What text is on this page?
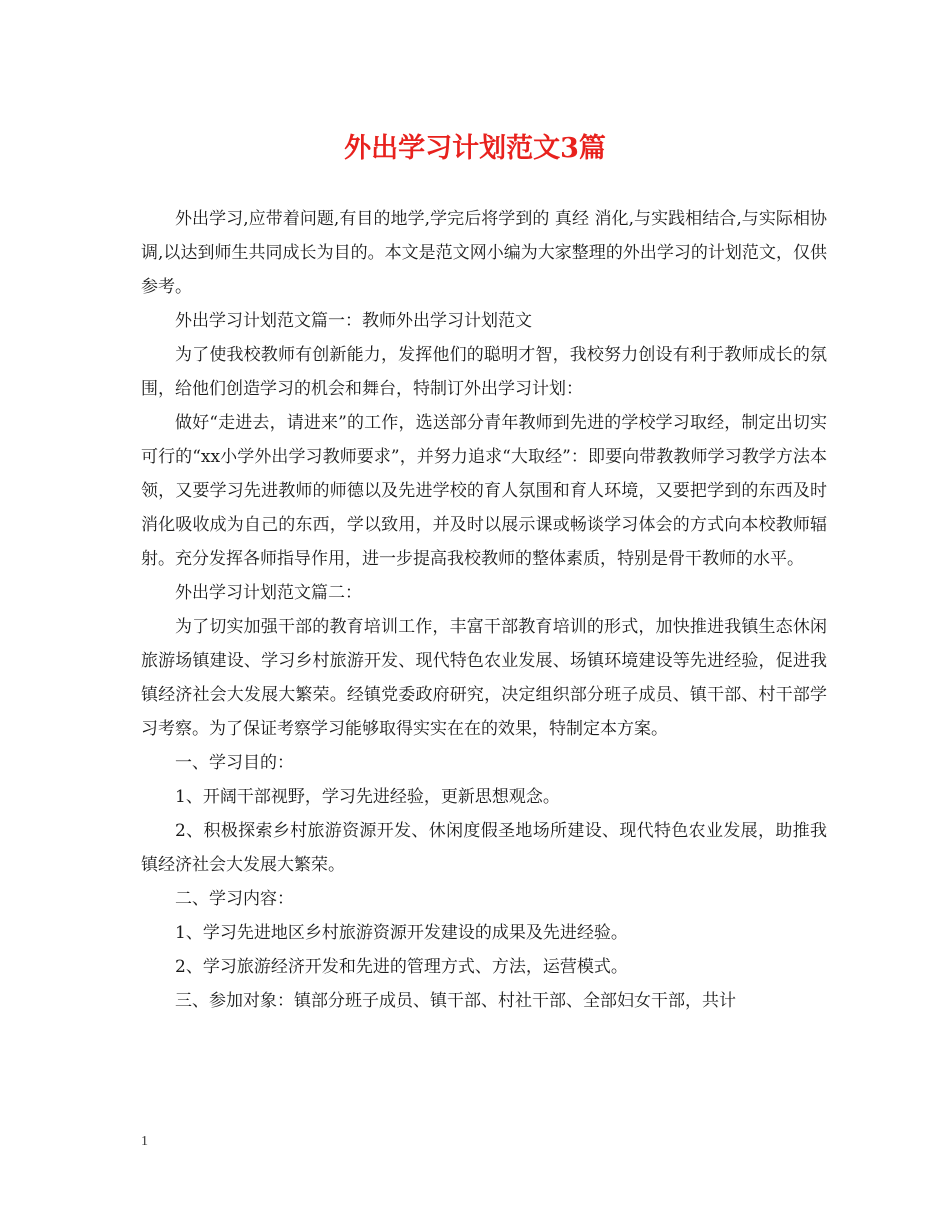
外出学习计划范文3篇

外出学习,应带着问题,有目的地学,学完后将学到的 真经 消化,与实践相结合,与实际相协调,以达到师生共同成长为目的。本文是范文网小编为大家整理的外出学习的计划范文，仅供参考。

外出学习计划范文篇一：教师外出学习计划范文

为了使我校教师有创新能力，发挥他们的聪明才智，我校努力创设有利于教师成长的氛围，给他们创造学习的机会和舞台，特制订外出学习计划：

做好“走进去，请进来”的工作，选送部分青年教师到先进的学校学习取经，制定出切实可行的“xx小学外出学习教师要求”，并努力追求“大取经”：即要向带教教师学习教学方法本领，又要学习先进教师的师德以及先进学校的育人氛围和育人环境，又要把学到的东西及时消化吸收成为自己的东西，学以致用，并及时以展示课或畅谈学习体会的方式向本校教师辐射。充分发挥各师指导作用，进一步提高我校教师的整体素质，特别是骨干教师的水平。

外出学习计划范文篇二：

为了切实加强干部的教育培训工作，丰富干部教育培训的形式，加快推进我镇生态休闲旅游场镇建设、学习乡村旅游开发、现代特色农业发展、场镇环境建设等先进经验，促进我镇经济社会大发展大繁荣。经镇党委政府研究，决定组织部分班子成员、镇干部、村干部学习考察。为了保证考察学习能够取得实实在在的效果，特制定本方案。

一、学习目的：

1、开阔干部视野，学习先进经验，更新思想观念。

2、积极探索乡村旅游资源开发、休闲度假圣地场所建设、现代特色农业发展，助推我镇经济社会大发展大繁荣。

二、学习内容：

1、学习先进地区乡村旅游资源开发建设的成果及先进经验。

2、学习旅游经济开发和先进的管理方式、方法，运营模式。

三、参加对象：镇部分班子成员、镇干部、村社干部、全部妇女干部，共计

1
